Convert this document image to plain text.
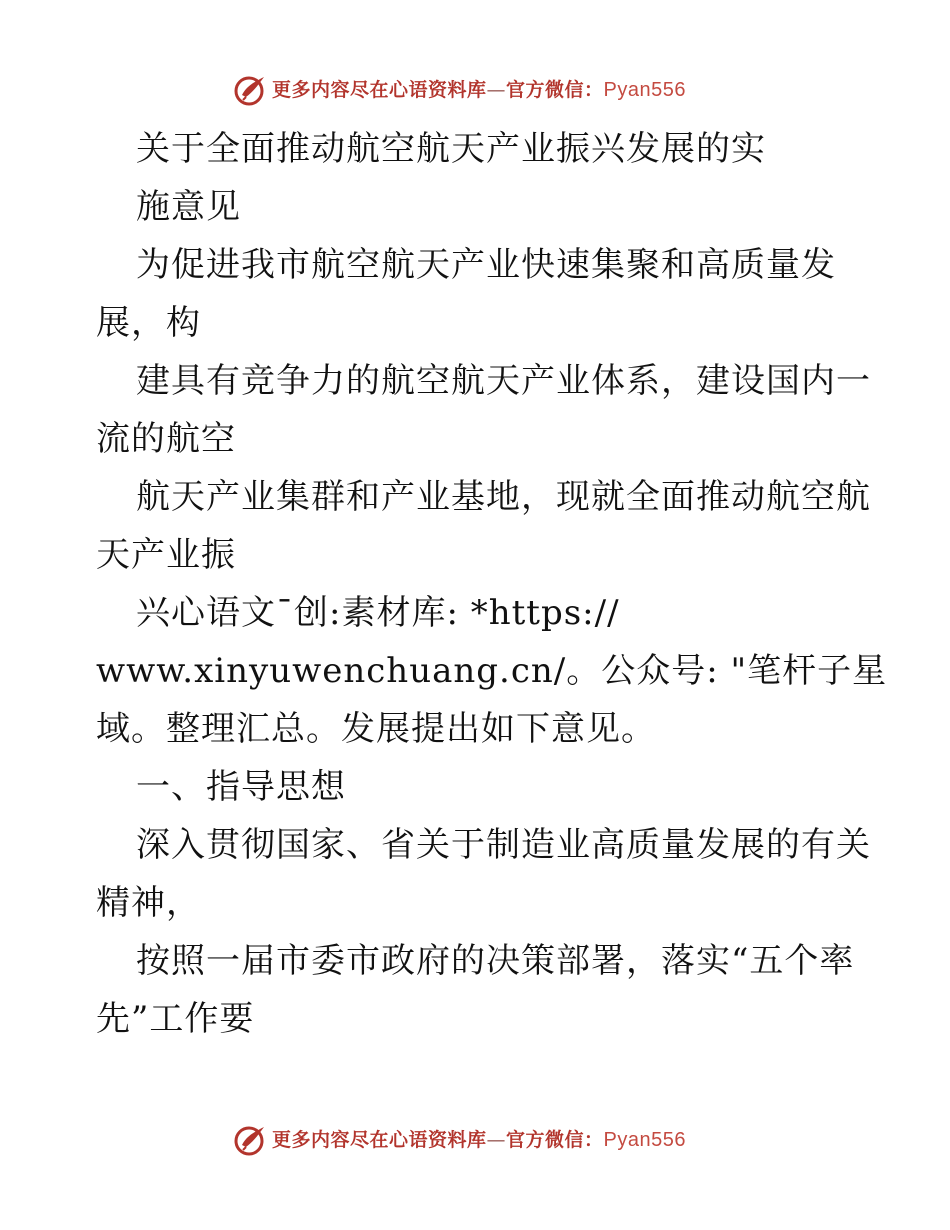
更多内容尽在心语资料库—官方微信：Pyan556
关于全面推动航空航天产业振兴发展的实
施意见
为促进我市航空航天产业快速集聚和高质量发
展，构
建具有竞争力的航空航天产业体系，建设国内一
流的航空
航天产业集群和产业基地，现就全面推动航空航
天产业振
兴心语文¯创:素材库: *https://
www.xinyuwenchuang.cn/。公众号: "笔杆子星
域。整理汇总。发展提出如下意见。
一、指导思想
深入贯彻国家、省关于制造业高质量发展的有关
精神，
按照一届市委市政府的决策部署，落实“五个率
先”工作要
更多内容尽在心语资料库—官方微信：Pyan556
